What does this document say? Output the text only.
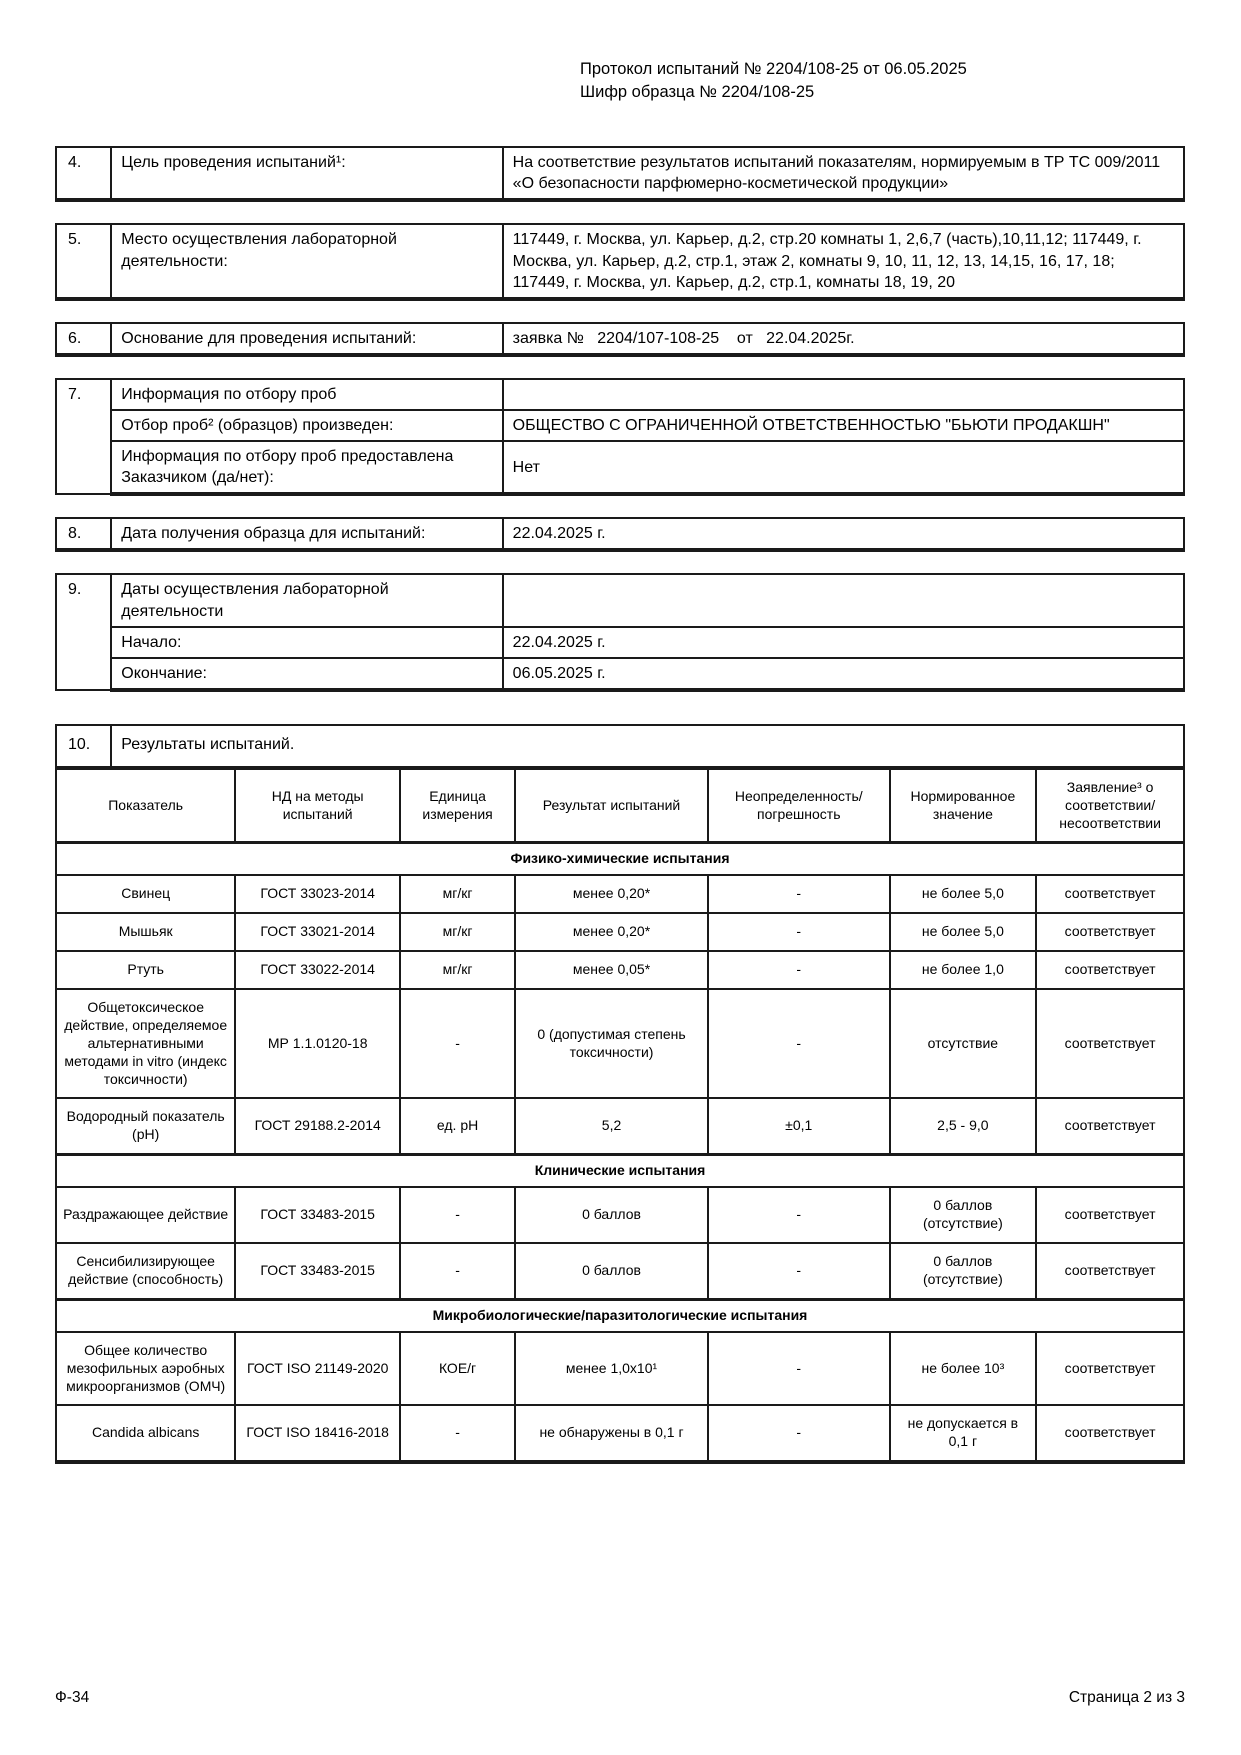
Протокол испытаний № 2204/108-25 от 06.05.2025
Шифр образца № 2204/108-25
4.	Цель проведения испытаний¹:	На соответствие результатов испытаний показателям, нормируемым в ТР ТС 009/2011 «О безопасности парфюмерно-косметической продукции»
5.	Место осуществления лабораторной деятельности:	117449, г. Москва, ул. Карьер, д.2, стр.20 комнаты 1, 2,6,7 (часть),10,11,12; 117449, г. Москва, ул. Карьер, д.2, стр.1, этаж 2, комнаты 9, 10, 11, 12, 13, 14,15, 16, 17, 18; 117449, г. Москва, ул. Карьер, д.2, стр.1, комнаты 18, 19, 20
6.	Основание для проведения испытаний:	заявка №   2204/107-108-25    от   22.04.2025г.
7.	Информация по отбору проб	
	Отбор проб² (образцов) произведен:	ОБЩЕСТВО С ОГРАНИЧЕННОЙ ОТВЕТСТВЕННОСТЬЮ "БЬЮТИ ПРОДАКШН"
	Информация по отбору проб предоставлена Заказчиком (да/нет):	Нет
8.	Дата получения образца для испытаний:	22.04.2025 г.
9.	Даты осуществления лабораторной деятельности	
	Начало:	22.04.2025 г.
	Окончание:	06.05.2025 г.
10.	Результаты испытаний.
Показатель	НД на методы испытаний	Единица измерения	Результат испытаний	Неопределенность/ погрешность	Нормированное значение	Заявление³ о соответствии/ несоответствии
Физико-химические испытания						
Свинец	ГОСТ 33023-2014	мг/кг	менее 0,20*	-	не более 5,0	соответствует
Мышьяк	ГОСТ 33021-2014	мг/кг	менее 0,20*	-	не более 5,0	соответствует
Ртуть	ГОСТ 33022-2014	мг/кг	менее 0,05*	-	не более 1,0	соответствует
Общетоксическое действие, определяемое альтернативными методами in vitro (индекс токсичности)	МР 1.1.0120-18	-	0 (допустимая степень токсичности)	-	отсутствие	соответствует
Водородный показатель (pH)	ГОСТ 29188.2-2014	ед. pH	5,2	±0,1	2,5 - 9,0	соответствует
Клинические испытания						
Раздражающее действие	ГОСТ 33483-2015	-	0 баллов	-	0 баллов (отсутствие)	соответствует
Сенсибилизирующее действие (способность)	ГОСТ 33483-2015	-	0 баллов	-	0 баллов (отсутствие)	соответствует
Микробиологические/паразитологические испытания						
Общее количество мезофильных аэробных микроорганизмов (ОМЧ)	ГОСТ ISO 21149-2020	КОЕ/г	менее 1,0x10¹	-	не более 10³	соответствует
Candida albicans	ГОСТ ISO 18416-2018	-	не обнаружены в 0,1 г	-	не допускается в 0,1 г	соответствует
Ф-34	Страница 2 из 3
